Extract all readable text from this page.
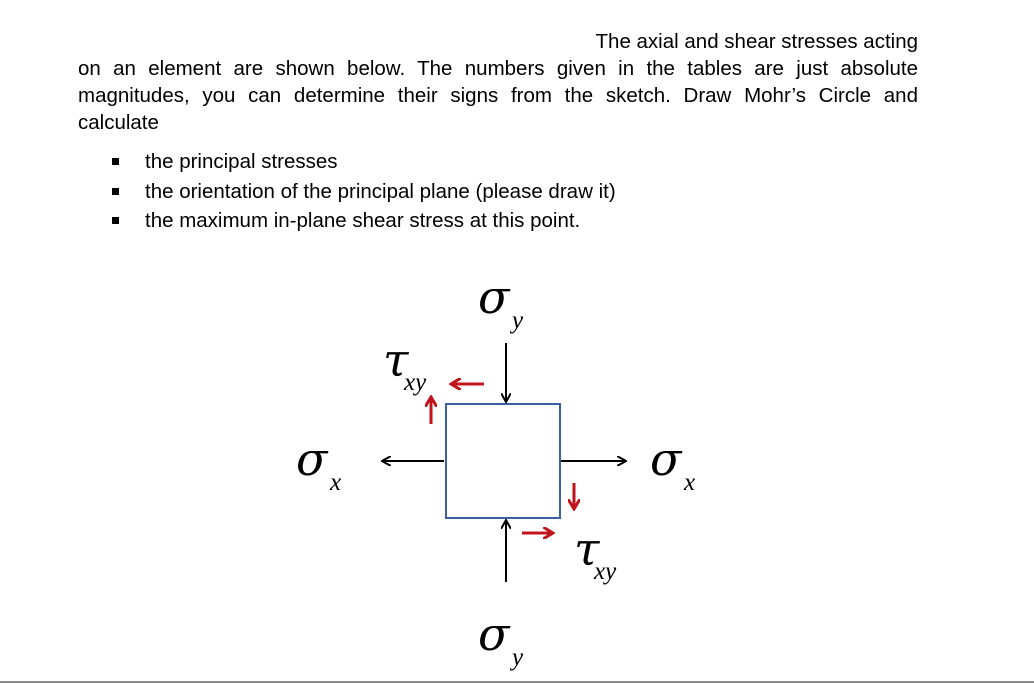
The axial and shear stresses acting
on an element are shown below. The numbers given in the tables are just absolute
magnitudes, you can determine their signs from the sketch. Draw Mohr’s Circle and
calculate
the principal stresses
the orientation of the principal plane (please draw it)
the maximum in-plane shear stress at this point.
σ y
τ
xy
σ x	σ x
τ
xy
σ y
